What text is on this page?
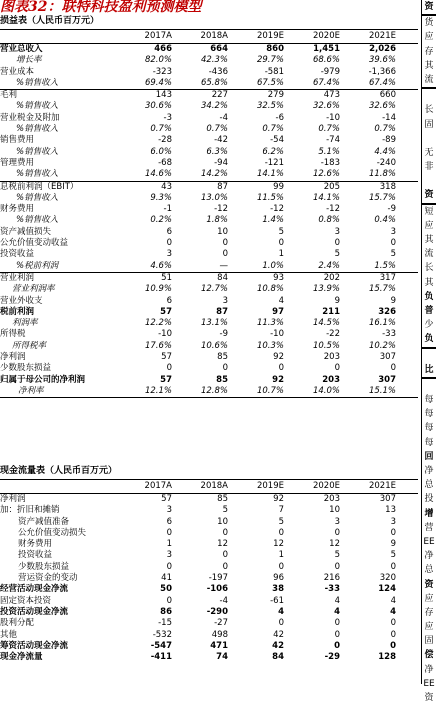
图表32：联特科技盈利预测模型	资
货
应
存
其
流
长
固
无
非
资
短
应
其
流
长
其
负
普
少
负
比
每
每
每
每
回
净
总
投
增
营
EE
净
总
资
应
存
应
固
偿
净
EE
资
损益表（人民币百万元）
2017A	2018A	2019E	2020E	2021E
营业总收入	466	664	860	1,451	2,026
增长率	82.0%	42.3%	29.7%	68.6%	39.6%
营业成本	-323	-436	-581	-979	-1,366
%销售收入	69.4%	65.8%	67.5%	67.4%	67.4%
毛利	143	227	279	473	660
%销售收入	30.6%	34.2%	32.5%	32.6%	32.6%
营业税金及附加	-3	-4	-6	-10	-14
%销售收入	0.7%	0.7%	0.7%	0.7%	0.7%
销售费用	-28	-42	-54	-74	-89
%销售收入	6.0%	6.3%	6.2%	5.1%	4.4%
管理费用	-68	-94	-121	-183	-240
%销售收入	14.6%	14.2%	14.1%	12.6%	11.8%
息税前利润（EBIT）	43	87	99	205	318
%销售收入	9.3%	13.0%	11.5%	14.1%	15.7%
财务费用	-1	-12	-12	-12	-9
%销售收入	0.2%	1.8%	1.4%	0.8%	0.4%
资产减值损失	6	10	5	3	3
公允价值变动收益	0	0	0	0	0
投资收益	3	0	1	5	5
%税前利润	4.6%	—	1.0%	2.4%	1.5%
营业利润	51	84	93	202	317
营业利润率	10.9%	12.7%	10.8%	13.9%	15.7%
营业外收支	6	3	4	9	9
税前利润	57	87	97	211	326
利润率	12.2%	13.1%	11.3%	14.5%	16.1%
所得税	-10	-9	-10	-22	-33
所得税率	17.6%	10.6%	10.3%	10.5%	10.2%
净利润	57	85	92	203	307
少数股东损益	0	0	0	0	0
归属于母公司的净利润	57	85	92	203	307
净利率	12.1%	12.8%	10.7%	14.0%	15.1%
现金流量表（人民币百万元）
2017A	2018A	2019E	2020E	2021E
净利润	57	85	92	203	307
加：折旧和摊销	3	5	7	10	13
资产减值准备	6	10	5	3	3
公允价值变动损失	0	0	0	0	0
财务费用	1	12	12	12	9
投资收益	3	0	1	5	5
少数股东损益	0	0	0	0	0
营运资金的变动	41	-197	96	216	320
经营活动现金净流	50	-106	38	-33	124
固定资本投资	0	-4	-61	4	4
投资活动现金净流	86	-290	4	4	4
股利分配	-15	-27	0	0	0
其他	-532	498	42	0	0
筹资活动现金净流	-547	471	42	0	0
现金净流量	-411	74	84	-29	128
